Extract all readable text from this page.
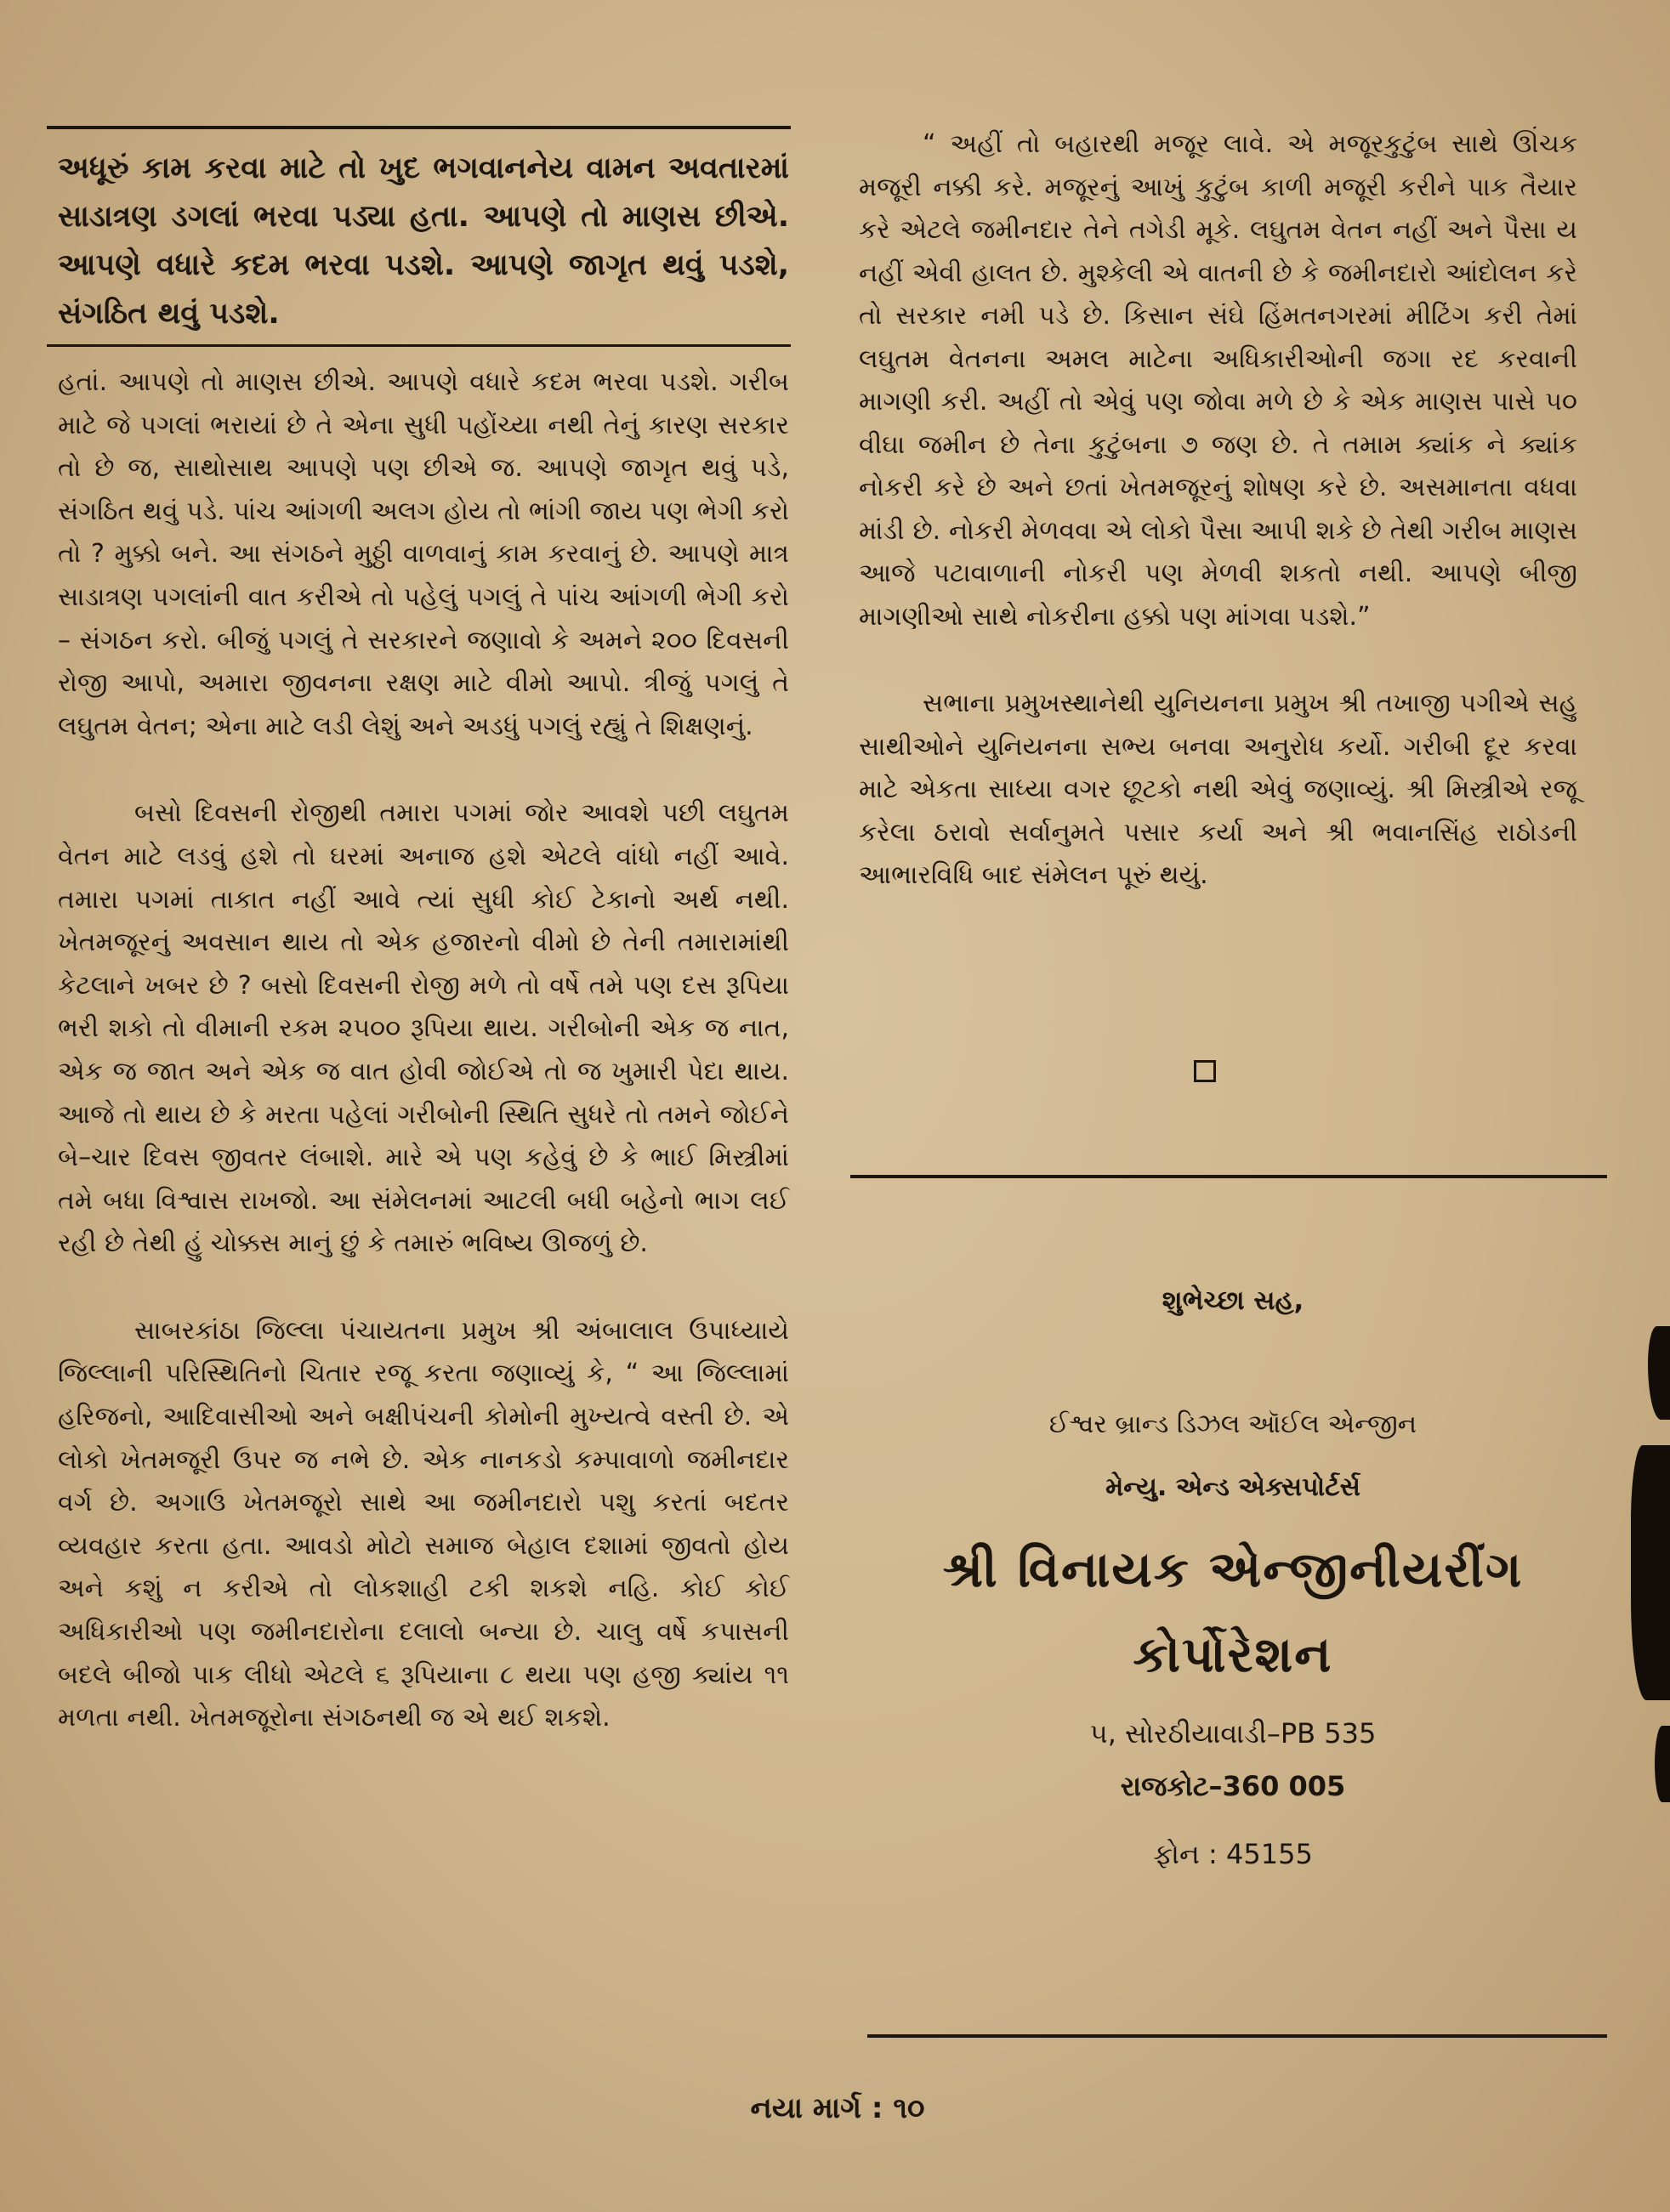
અધૂરું કામ કરવા માટે તો ખુદ ભગવાનનેય વામન અવતારમાં સાડાત્રણ ડગલાં ભરવા પડ્યા હતા. આપણે તો માણસ છીએ. આપણે વધારે કદમ ભરવા પડશે. આપણે જાગૃત થવું પડશે, સંગઠિત થવું પડશે.

હતાં. આપણે તો માણસ છીએ. આપણે વધારે કદમ ભરવા પડશે. ગરીબ માટે જે પગલાં ભરાયાં છે તે એના સુધી પહોંચ્યા નથી તેનું કારણ સરકાર તો છે જ, સાથોસાથ આપણે પણ છીએ જ. આપણે જાગૃત થવું પડે, સંગઠિત થવું પડે. પાંચ આંગળી અલગ હોય તો ભાંગી જાય પણ ભેગી કરો તો ? મુક્કો બને. આ સંગઠને મુઠ્ઠી વાળવાનું કામ કરવાનું છે. આપણે માત્ર સાડાત્રણ પગલાંની વાત કરીએ તો પહેલું પગલું તે પાંચ આંગળી ભેગી કરો – સંગઠન કરો. બીજું પગલું તે સરકારને જણાવો કે અમને ૨૦૦ દિવસની રોજી આપો, અમારા જીવનના રક્ષણ માટે વીમો આપો. ત્રીજું પગલું તે લઘુતમ વેતન; એના માટે લડી લેશું અને અડધું પગલું રહ્યું તે શિક્ષણનું.

બસો દિવસની રોજીથી તમારા પગમાં જોર આવશે પછી લઘુતમ વેતન માટે લડવું હશે તો ઘરમાં અનાજ હશે એટલે વાંધો નહીં આવે. તમારા પગમાં તાકાત નહીં આવે ત્યાં સુધી કોઈ ટેકાનો અર્થ નથી. ખેતમજૂરનું અવસાન થાય તો એક હજારનો વીમો છે તેની તમારામાંથી કેટલાને ખબર છે ? બસો દિવસની રોજી મળે તો વર્ષે તમે પણ દસ રૂપિયા ભરી શકો તો વીમાની રકમ ૨૫૦૦ રૂપિયા થાય. ગરીબોની એક જ નાત, એક જ જાત અને એક જ વાત હોવી જોઈએ તો જ ખુમારી પેદા થાય. આજે તો થાય છે કે મરતા પહેલાં ગરીબોની સ્થિતિ સુધરે તો તમને જોઈને બે–ચાર દિવસ જીવતર લંબાશે. મારે એ પણ કહેવું છે કે ભાઈ મિસ્ત્રીમાં તમે બધા વિશ્વાસ રાખજો. આ સંમેલનમાં આટલી બધી બહેનો ભાગ લઈ રહી છે તેથી હું ચોક્કસ માનું છું કે તમારું ભવિષ્ય ઊજળું છે.

સાબરકાંઠા જિલ્લા પંચાયતના પ્રમુખ શ્રી અંબાલાલ ઉપાધ્યાયે જિલ્લાની પરિસ્થિતિનો ચિતાર રજૂ કરતા જણાવ્યું કે, “ આ જિલ્લામાં હરિજનો, આદિવાસીઓ અને બક્ષીપંચની કોમોની મુખ્યત્વે વસ્તી છે. એ લોકો ખેતમજૂરી ઉપર જ નભે છે. એક નાનકડો કમ્પાવાળો જમીનદાર વર્ગ છે. અગાઉ ખેતમજૂરો સાથે આ જમીનદારો પશુ કરતાં બદતર વ્યવહાર કરતા હતા. આવડો મોટો સમાજ બેહાલ દશામાં જીવતો હોય અને કશું ન કરીએ તો લોકશાહી ટકી શકશે નહિ. કોઈ કોઈ અધિકારીઓ પણ જમીનદારોના દલાલો બન્યા છે. ચાલુ વર્ષે કપાસની બદલે બીજો પાક લીધો એટલે ૬ રૂપિયાના ૮ થયા પણ હજી ક્યાંય ૧૧ મળતા નથી. ખેતમજૂરોના સંગઠનથી જ એ થઈ શકશે.

“ અહીં તો બહારથી મજૂર લાવે. એ મજૂરકુટુંબ સાથે ઊંચક મજૂરી નક્કી કરે. મજૂરનું આખું કુટુંબ કાળી મજૂરી કરીને પાક તૈયાર કરે એટલે જમીનદાર તેને તગેડી મૂકે. લઘુતમ વેતન નહીં અને પૈસા ય નહીં એવી હાલત છે. મુશ્કેલી એ વાતની છે કે જમીનદારો આંદોલન કરે તો સરકાર નમી પડે છે. કિસાન સંઘે હિંમતનગરમાં મીટિંગ કરી તેમાં લઘુતમ વેતનના અમલ માટેના અધિકારીઓની જગા રદ કરવાની માગણી કરી. અહીં તો એવું પણ જોવા મળે છે કે એક માણસ પાસે ૫૦ વીઘા જમીન છે તેના કુટુંબના ૭ જણ છે. તે તમામ ક્યાંક ને ક્યાંક નોકરી કરે છે અને છતાં ખેતમજૂરનું શોષણ કરે છે. અસમાનતા વધવા માંડી છે. નોકરી મેળવવા એ લોકો પૈસા આપી શકે છે તેથી ગરીબ માણસ આજે પટાવાળાની નોકરી પણ મેળવી શકતો નથી. આપણે બીજી માગણીઓ સાથે નોકરીના હક્કો પણ માંગવા પડશે.”

સભાના પ્રમુખસ્થાનેથી યુનિયનના પ્રમુખ શ્રી તખાજી પગીએ સહુ સાથીઓને યુનિયનના સભ્ય બનવા અનુરોધ કર્યો. ગરીબી દૂર કરવા માટે એકતા સાધ્યા વગર છૂટકો નથી એવું જણાવ્યું. શ્રી મિસ્ત્રીએ રજૂ કરેલા ઠરાવો સર્વાનુમતે પસાર કર્યા અને શ્રી ભવાનસિંહ રાઠોડની આભારવિધિ બાદ સંમેલન પૂરું થયું.

શુભેચ્છા સહ,
ઈશ્વર બ્રાન્ડ ડિઝલ ઑઈલ એન્જીન
મેન્યુ. એન્ડ એક્સપોર્ટર્સ
શ્રી વિનાયક એન્જીનીયરીંગ
કોર્પોરેશન
૫, સોરઠીયાવાડી–PB 535
રાજકોટ–360 005
ફોન : 45155
નયા માર્ગ : ૧૦
